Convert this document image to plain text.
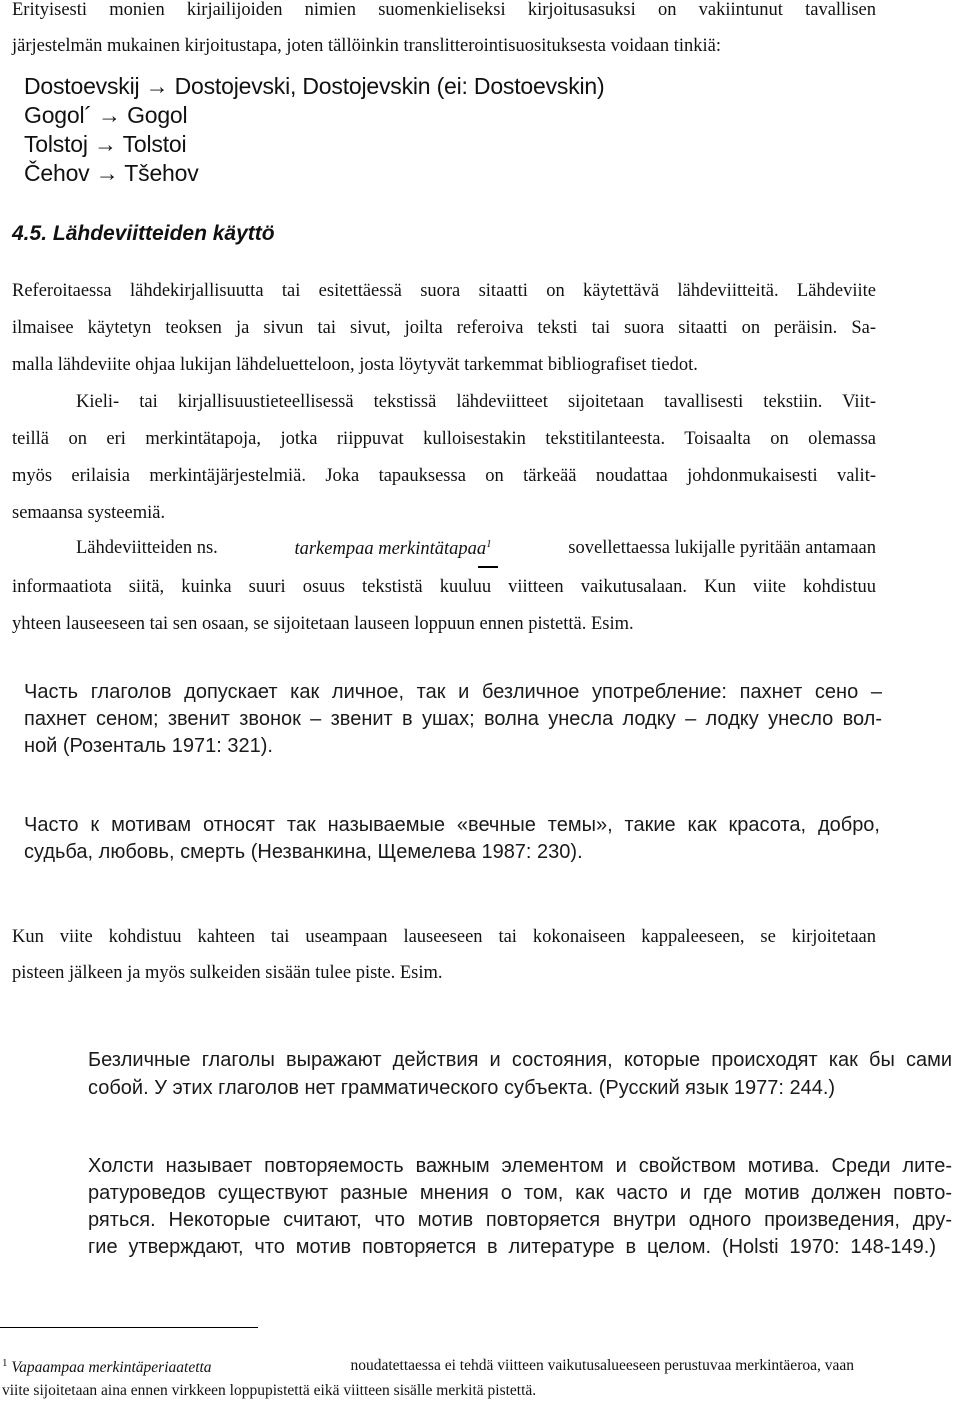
Erityisesti monien kirjailijoiden nimien suomenkieliseksi kirjoitusasuksi on vakiintunut tavallisen
järjestelmän mukainen kirjoitustapa, joten tällöinkin translitterointisuosituksesta voidaan tinkiä:
Dostoevskij → Dostojevski, Dostojevskin (ei: Dostoevskin)
Gogol´ → Gogol
Tolstoj → Tolstoi
Čehov → Tšehov
4.5. Lähdeviitteiden käyttö
Referoitaessa lähdekirjallisuutta tai esitettäessä suora sitaatti on käytettävä lähdeviitteitä. Lähdeviite
ilmaisee käytetyn teoksen ja sivun tai sivut, joilta referoiva teksti tai suora sitaatti on peräisin. Sa-
malla lähdeviite ohjaa lukijan lähdeluetteloon, josta löytyvät tarkemmat bibliografiset tiedot.
Kieli- tai kirjallisuustieteellisessä tekstissä lähdeviitteet sijoitetaan tavallisesti tekstiin. Viit-
teillä on eri merkintätapoja, jotka riippuvat kulloisestakin tekstitilanteesta. Toisaalta on olemassa
myös erilaisia merkintäjärjestelmiä. Joka tapauksessa on tärkeää noudattaa johdonmukaisesti valit-
semaansa systeemiä.
Lähdeviitteiden ns.	tarkempaa merkintätapaa$^1$	sovellettaessa lukijalle pyritään antamaan
informaatiota siitä, kuinka suuri osuus tekstistä kuuluu viitteen vaikutusalaan. Kun viite kohdistuu
yhteen lauseeseen tai sen osaan, se sijoitetaan lauseen loppuun ennen pistettä. Esim.
Часть глаголов допускает как личное, так и безличное употребление: пахнет сено –
пахнет сеном; звенит звонок – звенит в ушах; волна унесла лодку – лодку унесло вол-
ной (Розенталь 1971: 321).
Часто к мотивам относят так называемые «вечные темы», такие как красота, добро,
судьба, любовь, смерть (Незванкина, Щемелева 1987: 230).
Kun viite kohdistuu kahteen tai useampaan lauseeseen tai kokonaiseen kappaleeseen, se kirjoitetaan
pisteen jälkeen ja myös sulkeiden sisään tulee piste. Esim.
Безличные глаголы выражают действия и состояния, которые происходят как бы сами
собой. У этих глаголов нет грамматического субъекта. (Русский язык 1977: 244.)
Холсти называет повторяемость важным элементом и свойством мотива. Среди лите-
ратуроведов существуют разные мнения о том, как часто и где мотив должен повто-
ряться. Некоторые считают, что мотив повторяется внутри одного произведения, дру-
гие утверждают, что мотив повторяется в литературе в целом. (Holsti 1970: 148-149.)
$^1$ Vapaampaa merkintäperiaatetta	noudatettaessa ei tehdä viitteen vaikutusalueeseen perustuvaa merkintäeroa, vaan
viite sijoitetaan aina ennen virkkeen loppupistettä eikä viitteen sisälle merkitä pistettä.
